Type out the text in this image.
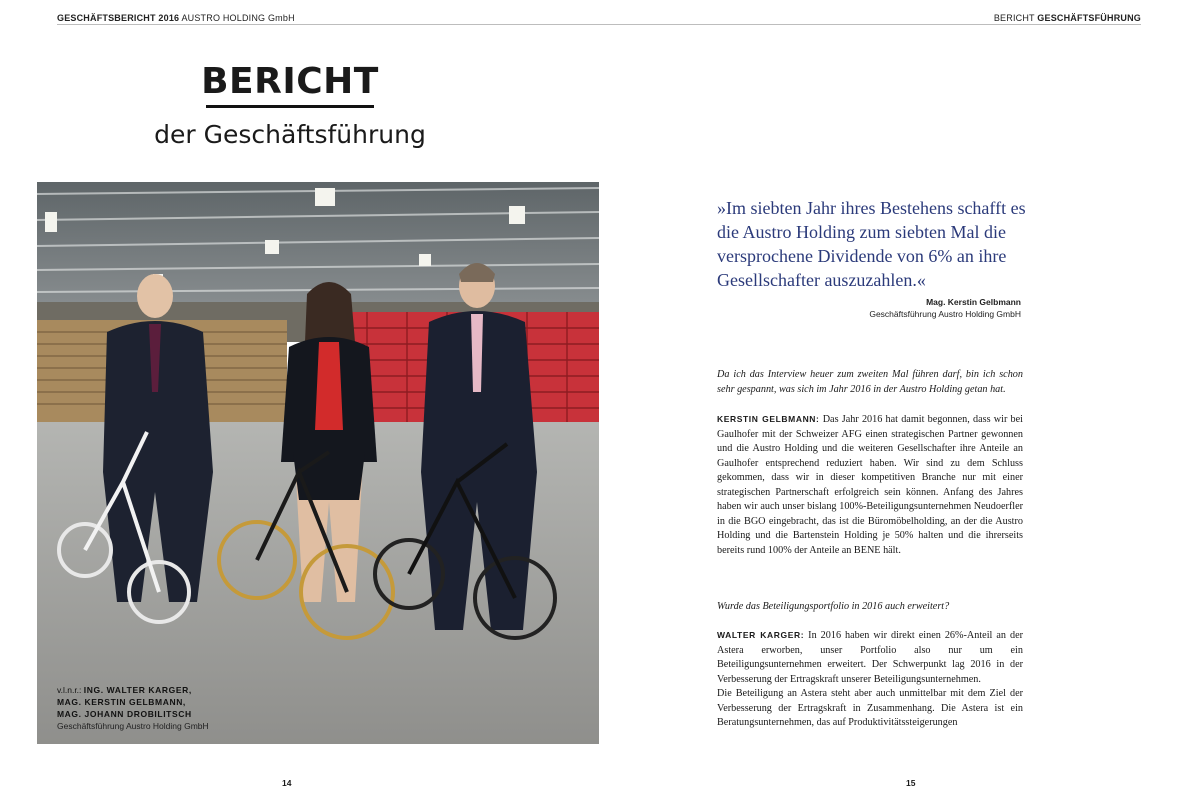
GESCHÄFTSBERICHT 2016 AUSTRO HOLDING GmbH	BERICHT GESCHÄFTSFÜHRUNG
BERICHT
der Geschäftsführung
v.l.n.r.: ING. WALTER KARGER,
MAG. KERSTIN GELBMANN,
MAG. JOHANN DROBILITSCH
Geschäftsführung Austro Holding GmbH
»Im siebten Jahr ihres Bestehens schafft es die Austro Holding zum siebten Mal die versprochene Dividende von 6% an ihre Gesellschafter auszuzahlen.«
Mag. Kerstin Gelbmann
Geschäftsführung Austro Holding GmbH
Da ich das Interview heuer zum zweiten Mal führen darf, bin ich schon sehr gespannt, was sich im Jahr 2016 in der Austro Holding getan hat.
KERSTIN GELBMANN: Das Jahr 2016 hat damit begonnen, dass wir bei Gaulhofer mit der Schweizer AFG einen strategischen Partner gewonnen und die Austro Holding und die weiteren Gesellschafter ihre Anteile an Gaulhofer entsprechend reduziert haben. Wir sind zu dem Schluss gekommen, dass wir in dieser kompetitiven Branche nur mit einer strategischen Partnerschaft erfolgreich sein können. Anfang des Jahres haben wir auch unser bislang 100%-Beteiligungsunternehmen Neudoerfler in die BGO eingebracht, das ist die Büromöbelholding, an der die Austro Holding und die Bartenstein Holding je 50% halten und die ihrerseits bereits rund 100% der Anteile an BENE hält.
Wurde das Beteiligungsportfolio in 2016 auch erweitert?
WALTER KARGER: In 2016 haben wir direkt einen 26%-Anteil an der Astera erworben, unser Portfolio also nur um ein Beteiligungsunternehmen erweitert. Der Schwerpunkt lag 2016 in der Verbesserung der Ertragskraft unserer Beteiligungsunternehmen.
Die Beteiligung an Astera steht aber auch unmittelbar mit dem Ziel der Verbesserung der Ertragskraft in Zusammenhang. Die Astera ist ein Beratungsunternehmen, das auf Produktivitätssteigerungen
14	15
